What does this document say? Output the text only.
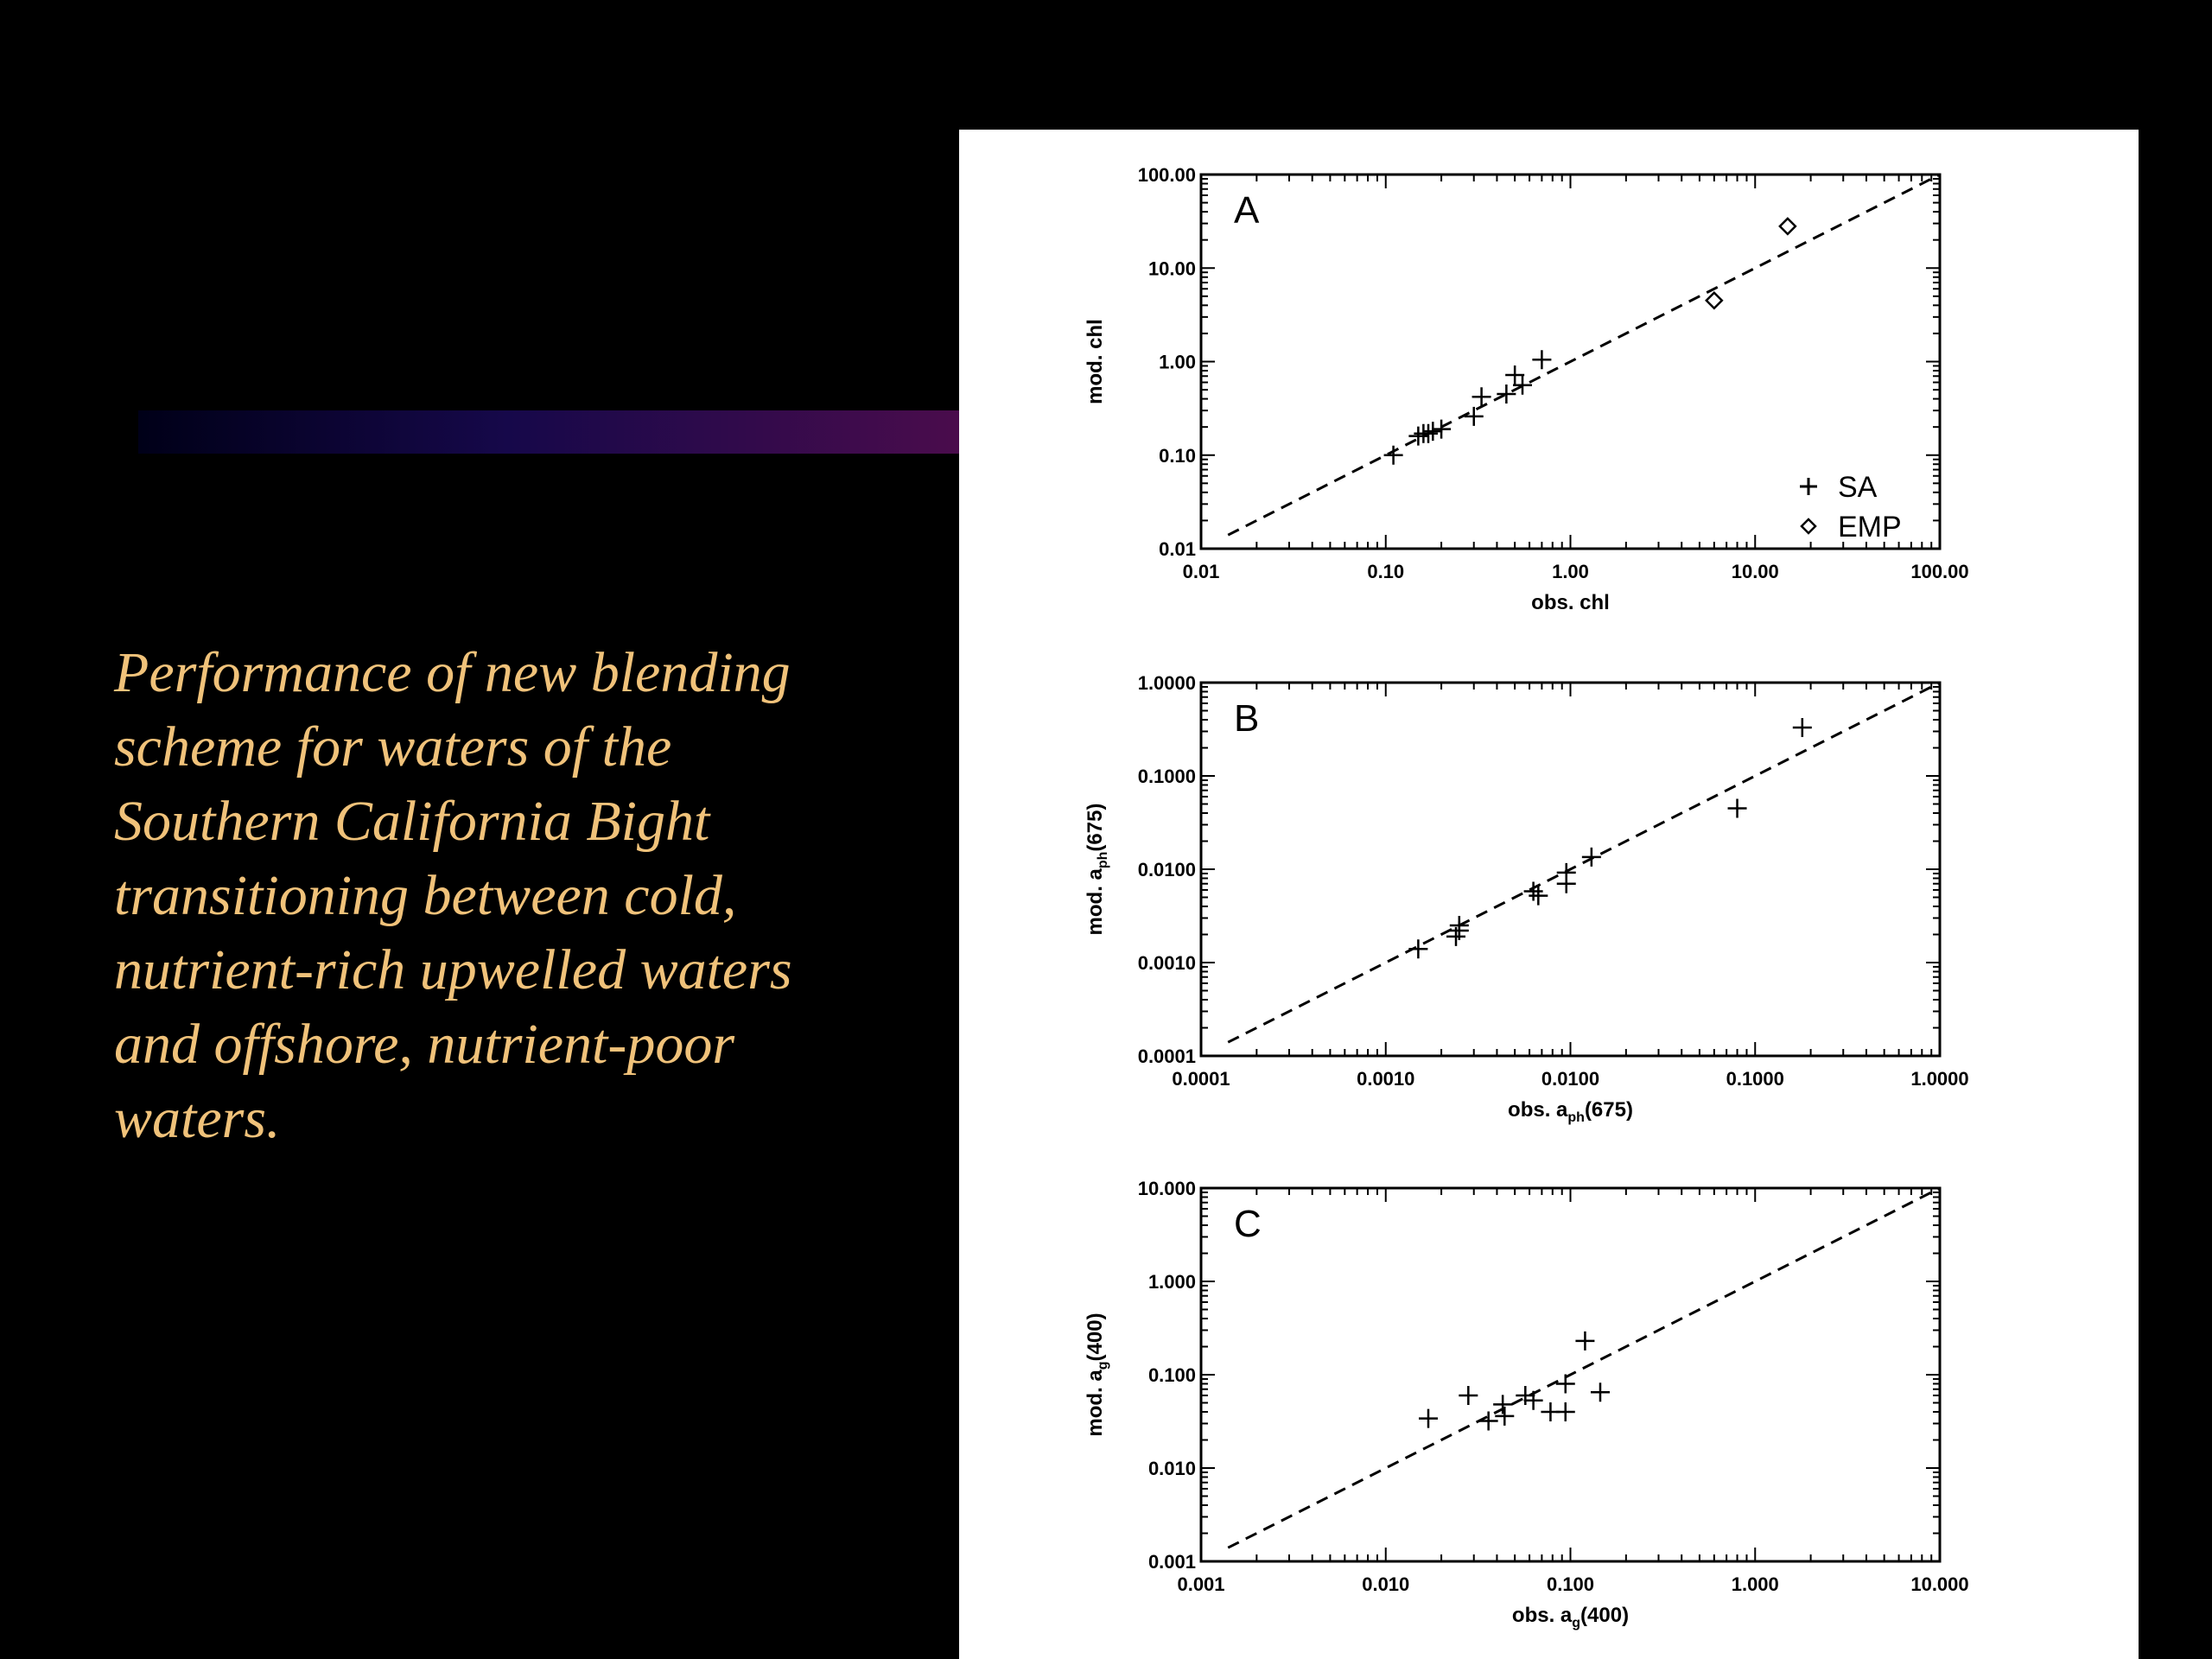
Performance of new blending
scheme for waters of the
Southern California Bight
transitioning between cold,
nutrient-rich upwelled waters
and offshore, nutrient-poor
waters.
0.01	0.10	1.00	10.00	100.00
0.01
0.10
1.00
10.00
100.00
obs. chl
mod. chl
A
SA
EMP
0.0001	0.0010	0.0100	0.1000	1.0000
0.0001
0.0010
0.0100
0.1000
1.0000
obs. $a_{ph}(675)$
mod. $a_{ph}(675)$
B
0.001	0.010	0.100	1.000	10.000
0.001
0.010
0.100
1.000
10.000
obs. $a_g(400)$
mod. $a_g(400)$
C
